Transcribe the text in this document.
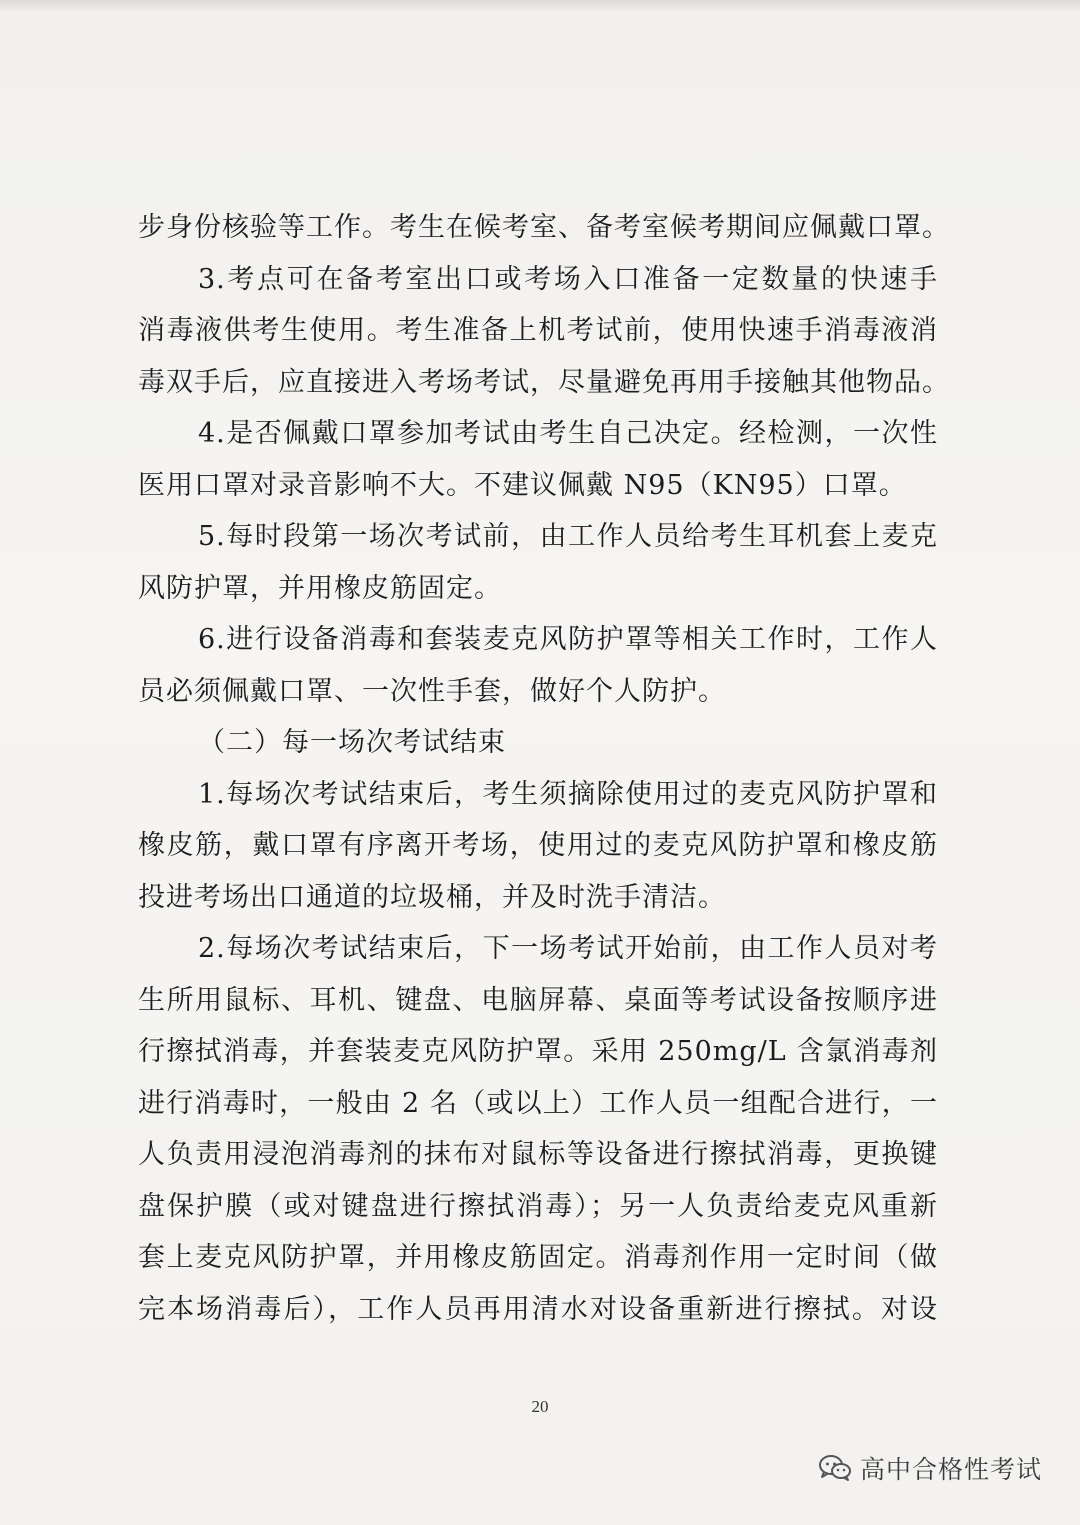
步身份核验等工作。考生在候考室、备考室候考期间应佩戴口罩。
3.考点可在备考室出口或考场入口准备一定数量的快速手
消毒液供考生使用。考生准备上机考试前，使用快速手消毒液消
毒双手后，应直接进入考场考试，尽量避免再用手接触其他物品。
4.是否佩戴口罩参加考试由考生自己决定。经检测，一次性
医用口罩对录音影响不大。不建议佩戴 N95（KN95）口罩。
5.每时段第一场次考试前，由工作人员给考生耳机套上麦克
风防护罩，并用橡皮筋固定。
6.进行设备消毒和套装麦克风防护罩等相关工作时，工作人
员必须佩戴口罩、一次性手套，做好个人防护。
（二）每一场次考试结束
1.每场次考试结束后，考生须摘除使用过的麦克风防护罩和
橡皮筋，戴口罩有序离开考场，使用过的麦克风防护罩和橡皮筋
投进考场出口通道的垃圾桶，并及时洗手清洁。
2.每场次考试结束后，下一场考试开始前，由工作人员对考
生所用鼠标、耳机、键盘、电脑屏幕、桌面等考试设备按顺序进
行擦拭消毒，并套装麦克风防护罩。采用 250mg/L 含氯消毒剂
进行消毒时，一般由 2 名（或以上）工作人员一组配合进行，一
人负责用浸泡消毒剂的抹布对鼠标等设备进行擦拭消毒，更换键
盘保护膜（或对键盘进行擦拭消毒）；另一人负责给麦克风重新
套上麦克风防护罩，并用橡皮筋固定。消毒剂作用一定时间（做
完本场消毒后），工作人员再用清水对设备重新进行擦拭。对设
20
高中合格性考试
